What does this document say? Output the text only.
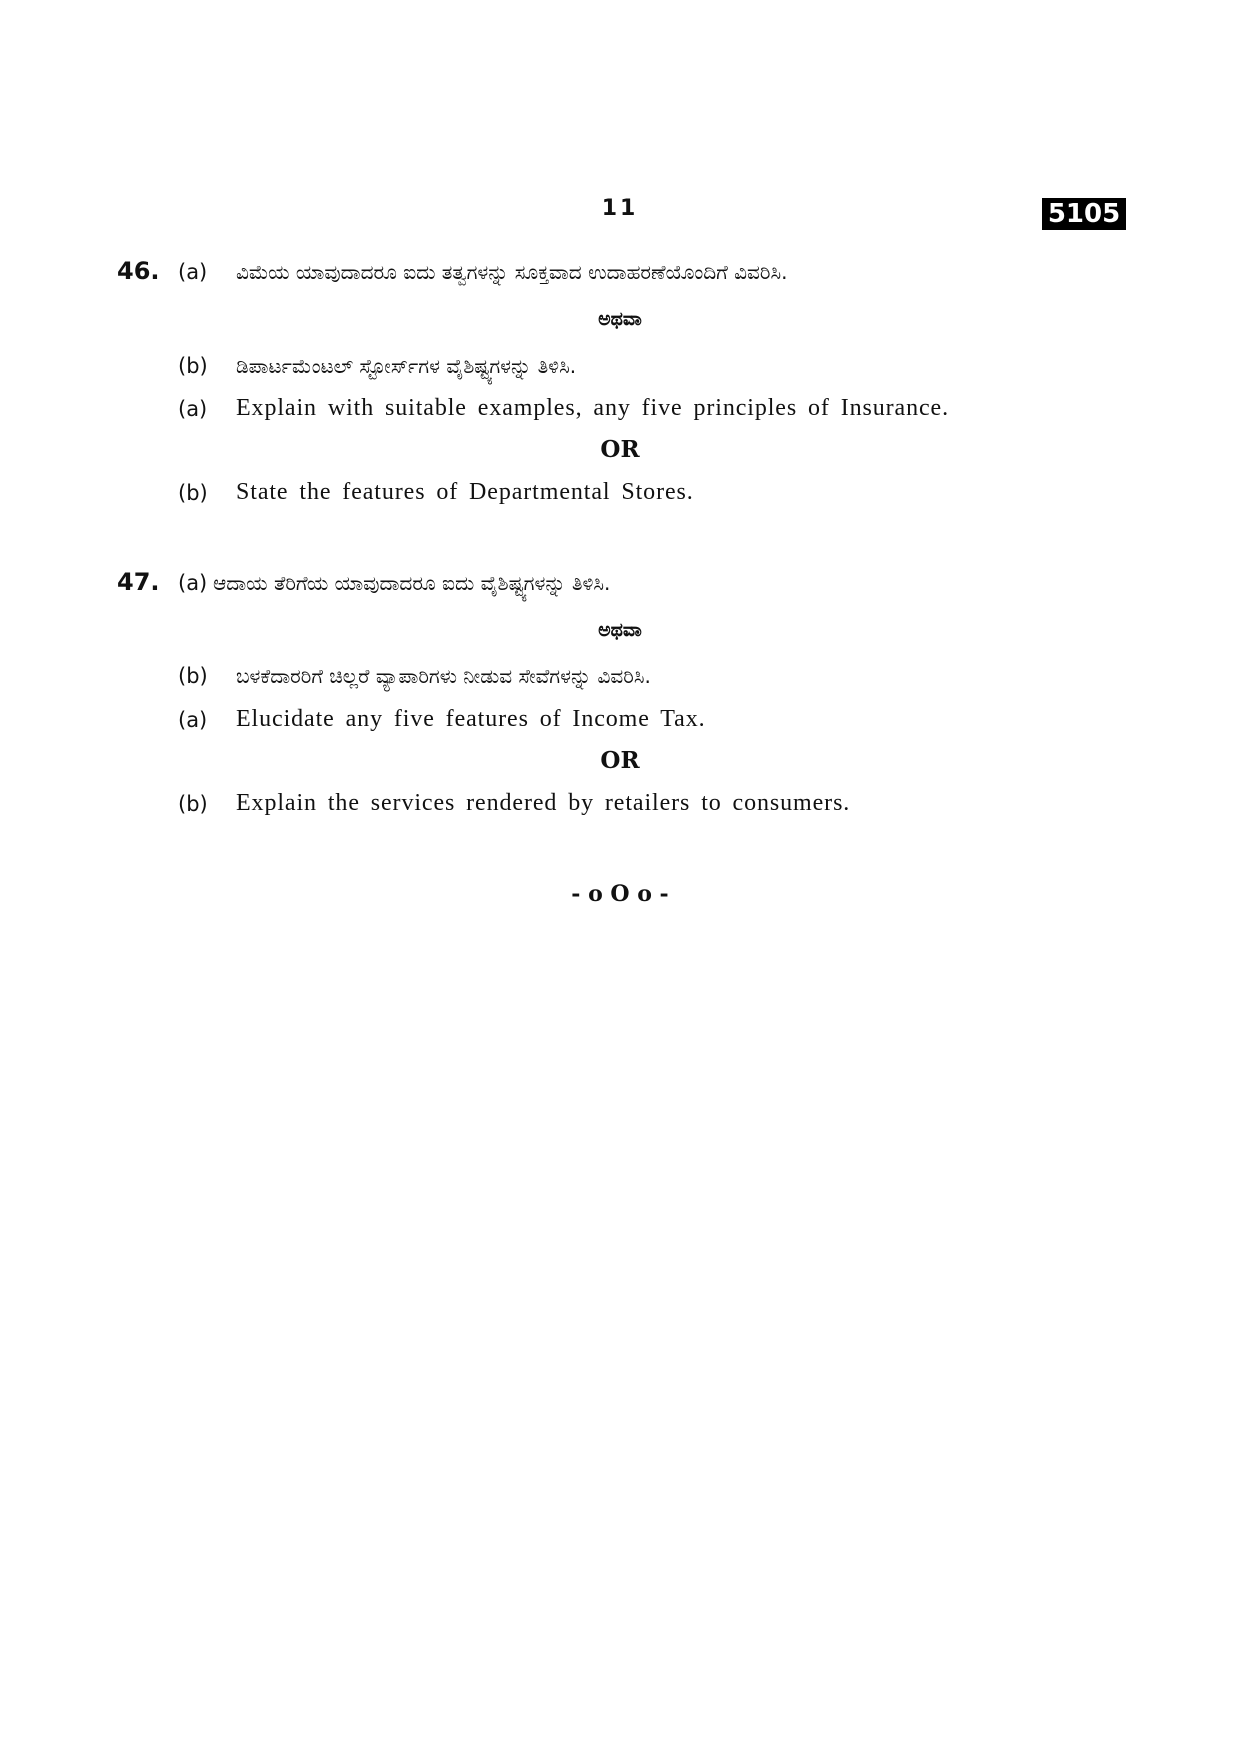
11	5105
46. (a) ವಿಮೆಯ ಯಾವುದಾದರೂ ಐದು ತತ್ವಗಳನ್ನು ಸೂಕ್ತವಾದ ಉದಾಹರಣೆಯೊಂದಿಗೆ ವಿವರಿಸಿ.
ಅಥವಾ
(b) ಡಿಪಾರ್ಟಮೆಂಟಲ್ ಸ್ಟೋರ್ಸ್‌ಗಳ ವೈಶಿಷ್ಟ್ಯಗಳನ್ನು ತಿಳಿಸಿ.
(a) Explain with suitable examples, any five principles of Insurance.
OR
(b) State the features of Departmental Stores.
47. (a) ಆದಾಯ ತೆರಿಗೆಯ ಯಾವುದಾದರೂ ಐದು ವೈಶಿಷ್ಟ್ಯಗಳನ್ನು ತಿಳಿಸಿ.
ಅಥವಾ
(b) ಬಳಕೆದಾರರಿಗೆ ಚಿಲ್ಲರೆ ವ್ಯಾಪಾರಿಗಳು ನೀಡುವ ಸೇವೆಗಳನ್ನು ವಿವರಿಸಿ.
(a) Elucidate any five features of Income Tax.
OR
(b) Explain the services rendered by retailers to consumers.
- o O o -
